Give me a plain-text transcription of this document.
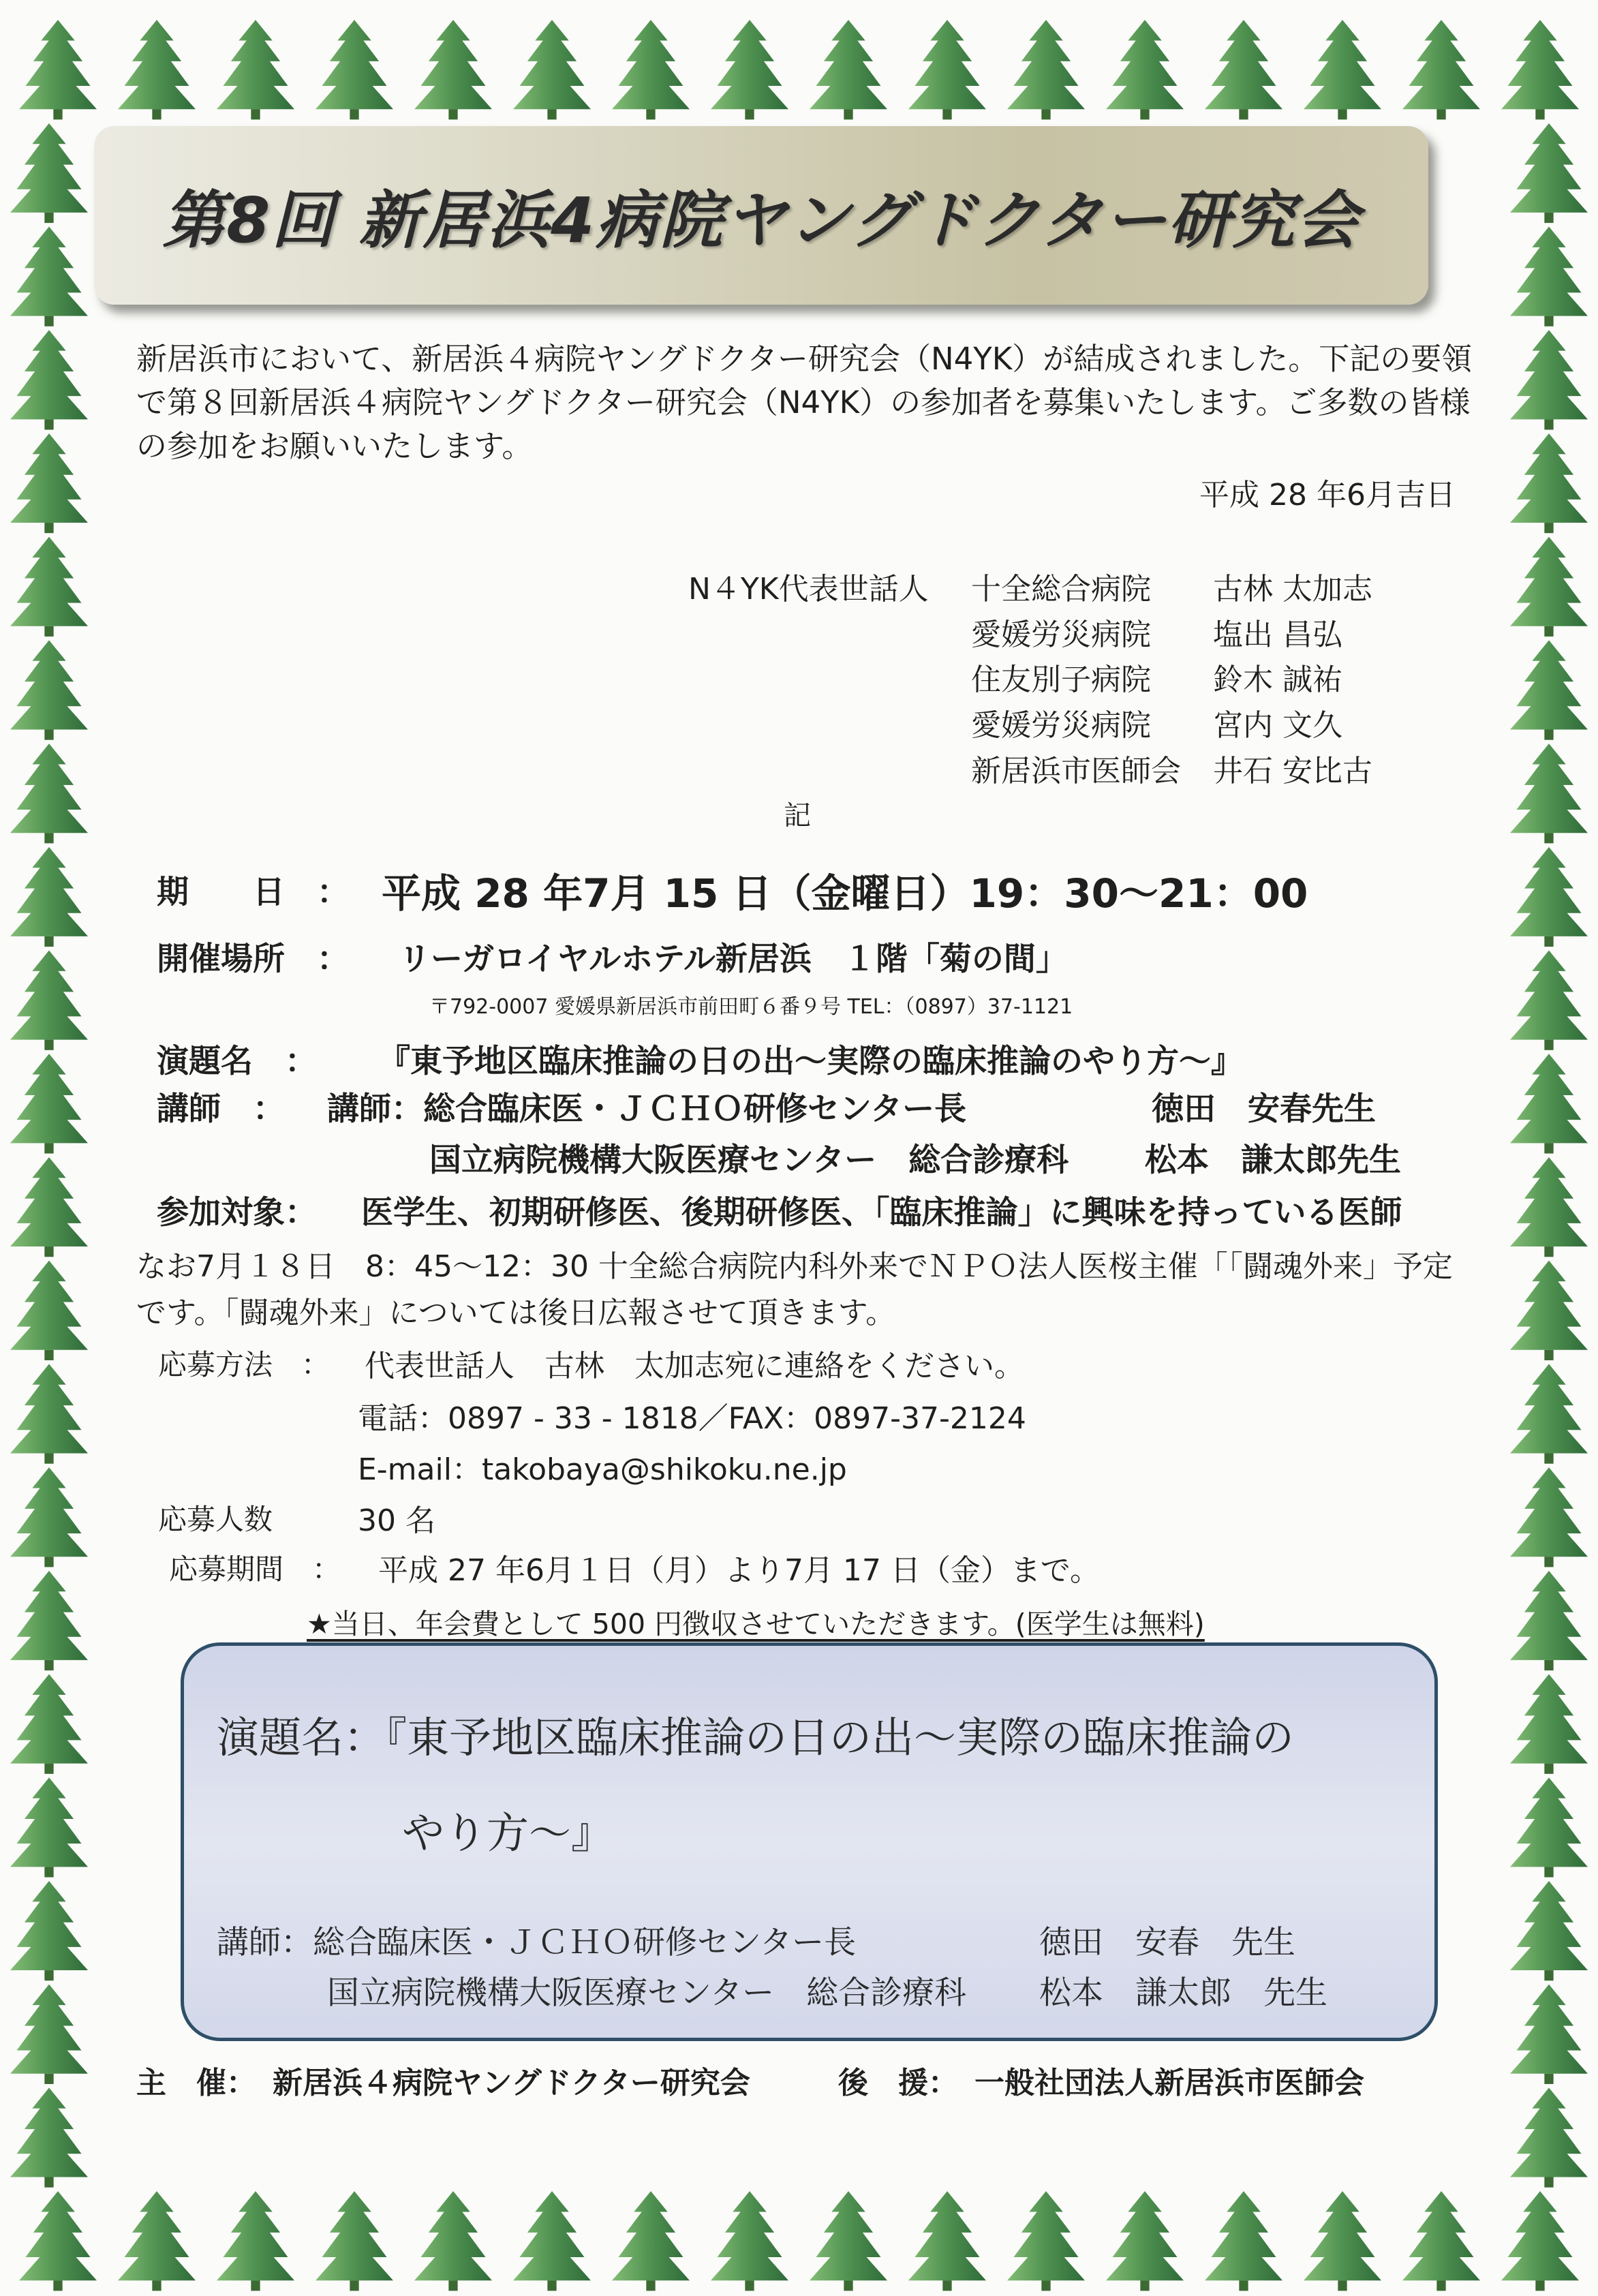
第8回 新居浜4病院ヤングドクター研究会
新居浜市において、新居浜４病院ヤングドクター研究会（N4YK）が結成されました。下記の要領
で第８回新居浜４病院ヤングドクター研究会（N4YK）の参加者を募集いたします。ご多数の皆様
の参加をお願いいたします。
平成 28 年6月吉日
N４YK代表世話人 十全総合病院 古林 太加志
愛媛労災病院 塩出 昌弘
住友別子病院 鈴木 誠祐
愛媛労災病院 宮内 文久
新居浜市医師会 井石 安比古
記
期　　日　： 平成 28 年7月 15 日（金曜日）19：30〜21：00
開催場所　： リーガロイヤルホテル新居浜　１階「菊の間」
〒792-0007 愛媛県新居浜市前田町６番９号 TEL：（0897）37-1121
演題名　： 『東予地区臨床推論の日の出〜実際の臨床推論のやり方〜』
講師　： 講師：総合臨床医・ＪＣＨＯ研修センター長	徳田　安春先生
国立病院機構大阪医療センター　総合診療科 松本　謙太郎先生
参加対象： 医学生、初期研修医、後期研修医、「臨床推論」に興味を持っている医師
なお7月１８日　8：45〜12：30 十全総合病院内科外来でＮＰＯ法人医桜主催「「闘魂外来」予定
です。「闘魂外来」については後日広報させて頂きます。
応募方法　： 代表世話人　古林　太加志宛に連絡をください。
電話：0897 - 33 - 1818／FAX：0897-37-2124
E-mail：takobaya@shikoku.ne.jp
応募人数	30 名
応募期間　： 平成 27 年6月１日（月）より7月 17 日（金）まで。
★当日、年会費として 500 円徴収させていただきます。(医学生は無料)
演題名：『東予地区臨床推論の日の出〜実際の臨床推論の
やり方〜』
講師：総合臨床医・ＪＣＨＯ研修センター長	徳田　安春　先生
国立病院機構大阪医療センター　総合診療科 松本　謙太郎　先生
主　催： 新居浜４病院ヤングドクター研究会	後　援： 一般社団法人新居浜市医師会
